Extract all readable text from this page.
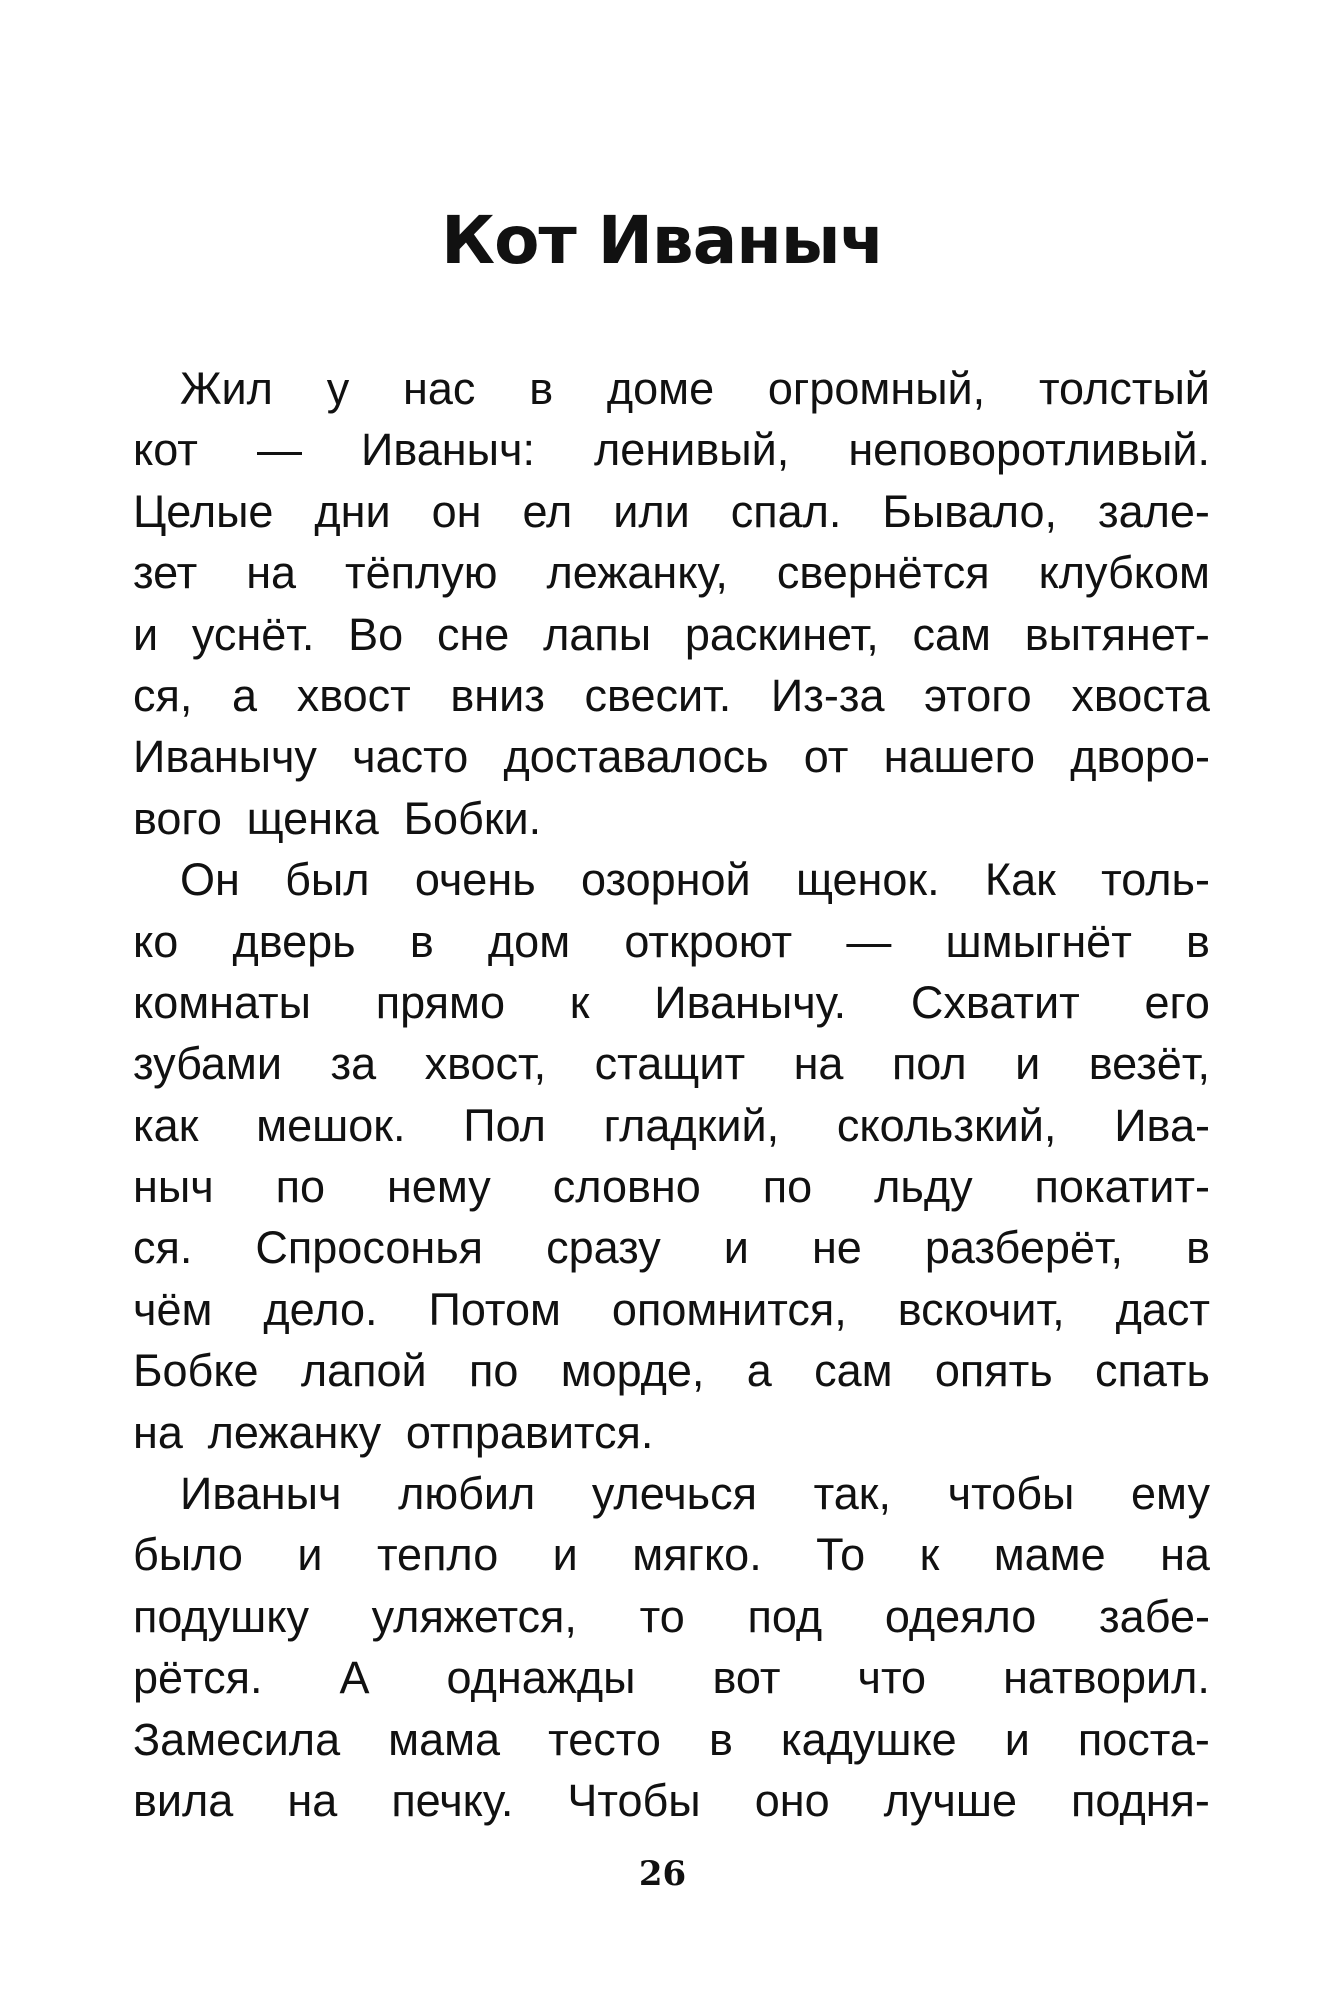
Кот Иваныч
Жил у нас в доме огромный, толстый
кот — Иваныч: ленивый, неповоротливый.
Целые дни он ел или спал. Бывало, зале-
зет на тёплую лежанку, свернётся клубком
и уснёт. Во сне лапы раскинет, сам вытянет-
ся, а хвост вниз свесит. Из-за этого хвоста
Иванычу часто доставалось от нашего дворо-
вого щенка Бобки.
Он был очень озорной щенок. Как толь-
ко дверь в дом откроют — шмыгнёт в
комнаты прямо к Иванычу. Схватит его
зубами за хвост, стащит на пол и везёт,
как мешок. Пол гладкий, скользкий, Ива-
ныч по нему словно по льду покатит-
ся. Спросонья сразу и не разберёт, в
чём дело. Потом опомнится, вскочит, даст
Бобке лапой по морде, а сам опять спать
на лежанку отправится.
Иваныч любил улечься так, чтобы ему
было и тепло и мягко. То к маме на
подушку уляжется, то под одеяло забе-
рётся. А однажды вот что натворил.
Замесила мама тесто в кадушке и поста-
вила на печку. Чтобы оно лучше подня-
26
